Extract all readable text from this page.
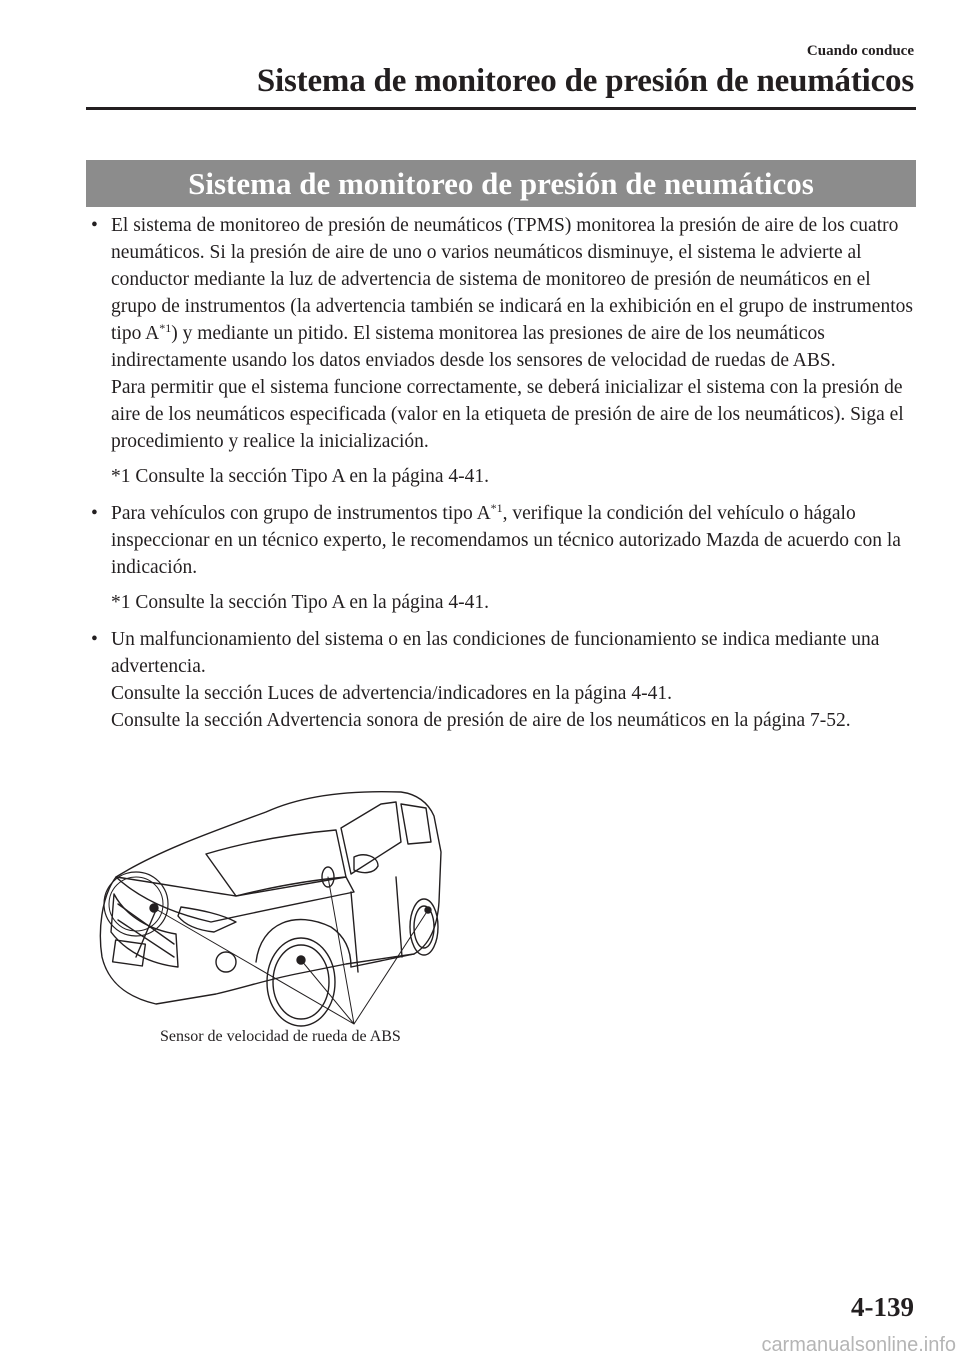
Cuando conduce
Sistema de monitoreo de presión de neumáticos
Sistema de monitoreo de presión de neumáticos
• El sistema de monitoreo de presión de neumáticos (TPMS) monitorea la presión de aire de los cuatro neumáticos. Si la presión de aire de uno o varios neumáticos disminuye, el sistema le advierte al conductor mediante la luz de advertencia de sistema de monitoreo de presión de neumáticos en el grupo de instrumentos (la advertencia también se indicará en la exhibición en el grupo de instrumentos tipo $A^{*1}$) y mediante un pitido. El sistema monitorea las presiones de aire de los neumáticos indirectamente usando los datos enviados desde los sensores de velocidad de ruedas de ABS.
Para permitir que el sistema funcione correctamente, se deberá inicializar el sistema con la presión de aire de los neumáticos especificada (valor en la etiqueta de presión de aire de los neumáticos). Siga el procedimiento y realice la inicialización.
*1 Consulte la sección Tipo A en la página 4-41.
• Para vehículos con grupo de instrumentos tipo $A^{*1}$, verifique la condición del vehículo o hágalo inspeccionar en un técnico experto, le recomendamos un técnico autorizado Mazda de acuerdo con la indicación.
*1 Consulte la sección Tipo A en la página 4-41.
• Un malfuncionamiento del sistema o en las condiciones de funcionamiento se indica mediante una advertencia.
Consulte la sección Luces de advertencia/indicadores en la página 4-41.
Consulte la sección Advertencia sonora de presión de aire de los neumáticos en la página 7-52.
Sensor de velocidad de rueda de ABS
4-139
carmanualsonline.info
